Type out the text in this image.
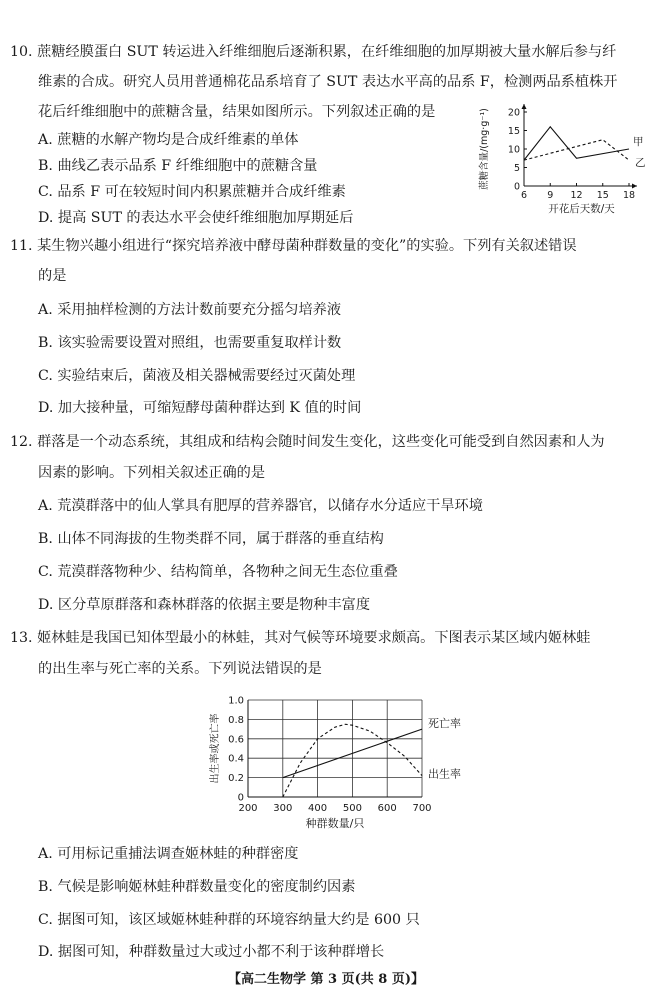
10. 蔗糖经膜蛋白 SUT 转运进入纤维细胞后逐渐积累，在纤维细胞的加厚期被大量水解后参与纤
维素的合成。研究人员用普通棉花品系培育了 SUT 表达水平高的品系 F，检测两品系植株开
花后纤维细胞中的蔗糖含量，结果如图所示。下列叙述正确的是
A. 蔗糖的水解产物均是合成纤维素的单体
B. 曲线乙表示品系 F 纤维细胞中的蔗糖含量
C. 品系 F 可在较短时间内积累蔗糖并合成纤维素
D. 提高 SUT 的表达水平会使纤维细胞加厚期延后
6 9 12 15 18
0
5
10
15
20
甲
乙
开花后天数/天
蔗糖含量/(mg·g⁻¹)
11. 某生物兴趣小组进行“探究培养液中酵母菌种群数量的变化”的实验。下列有关叙述错误
的是
A. 采用抽样检测的方法计数前要充分摇匀培养液
B. 该实验需要设置对照组，也需要重复取样计数
C. 实验结束后，菌液及相关器械需要经过灭菌处理
D. 加大接种量，可缩短酵母菌种群达到 K 值的时间
12. 群落是一个动态系统，其组成和结构会随时间发生变化，这些变化可能受到自然因素和人为
因素的影响。下列相关叙述正确的是
A. 荒漠群落中的仙人掌具有肥厚的营养器官，以储存水分适应干旱环境
B. 山体不同海拔的生物类群不同，属于群落的垂直结构
C. 荒漠群落物种少、结构简单，各物种之间无生态位重叠
D. 区分草原群落和森林群落的依据主要是物种丰富度
13. 姬林蛙是我国已知体型最小的林蛙，其对气候等环境要求颇高。下图表示某区域内姬林蛙
的出生率与死亡率的关系。下列说法错误的是
200 300 400 500 600 700
0
0.2
0.4
0.6
0.8
1.0
死亡率
出生率
种群数量/只
出生率或死亡率
A. 可用标记重捕法调查姬林蛙的种群密度
B. 气候是影响姬林蛙种群数量变化的密度制约因素
C. 据图可知，该区域姬林蛙种群的环境容纳量大约是 600 只
D. 据图可知，种群数量过大或过小都不利于该种群增长
【高二生物学 第 3 页(共 8 页)】
